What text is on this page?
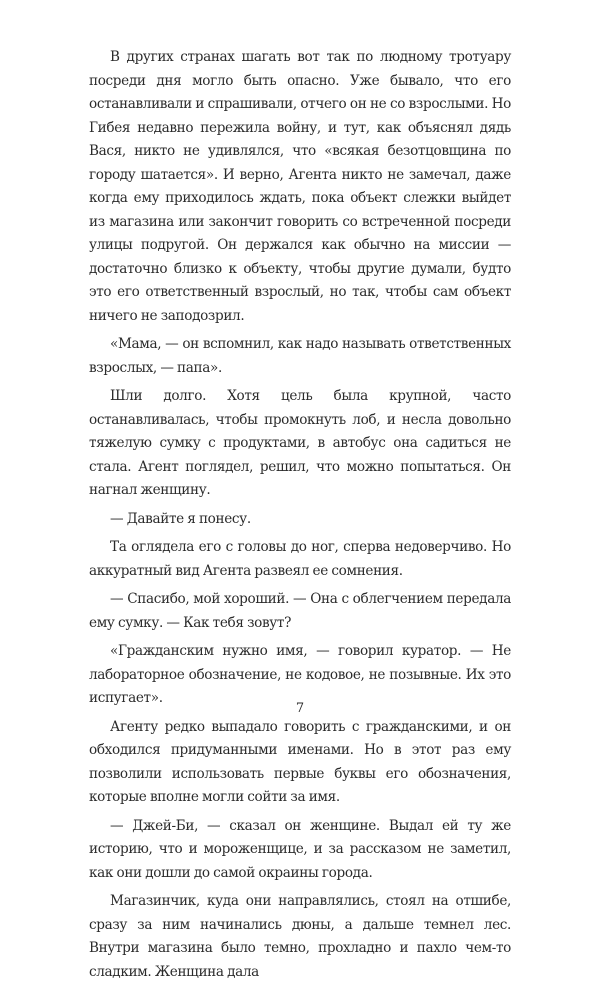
В других странах шагать вот так по людному тротуару посреди дня могло быть опасно. Уже бывало, что его останавливали и спрашивали, отчего он не со взрослыми. Но Гибея недавно пережила войну, и тут, как объяснял дядь Вася, никто не удивлялся, что «всякая безотцовщина по городу шатается». И верно, Агента никто не замечал, даже когда ему приходилось ждать, пока объект слежки выйдет из магазина или закончит говорить со встреченной посреди улицы подругой. Он держался как обычно на миссии — достаточно близко к объекту, чтобы другие думали, будто это его ответственный взрослый, но так, чтобы сам объект ничего не заподозрил.

«Мама, — он вспомнил, как надо называть ответственных взрослых, — папа».

Шли долго. Хотя цель была крупной, часто останавливалась, чтобы промокнуть лоб, и несла довольно тяжелую сумку с продуктами, в автобус она садиться не стала. Агент поглядел, решил, что можно попытаться. Он нагнал женщину.

— Давайте я понесу.

Та оглядела его с головы до ног, сперва недоверчиво. Но аккуратный вид Агента развеял ее сомнения.

— Спасибо, мой хороший. — Она с облегчением передала ему сумку. — Как тебя зовут?

«Гражданским нужно имя, — говорил куратор. — Не лабораторное обозначение, не кодовое, не позывные. Их это испугает».

Агенту редко выпадало говорить с гражданскими, и он обходился придуманными именами. Но в этот раз ему позволили использовать первые буквы его обозначения, которые вполне могли сойти за имя.

— Джей-Би, — сказал он женщине. Выдал ей ту же историю, что и мороженщице, и за рассказом не заметил, как они дошли до самой окраины города.

Магазинчик, куда они направлялись, стоял на отшибе, сразу за ним начинались дюны, а дальше темнел лес. Внутри магазина было темно, прохладно и пахло чем-то сладким. Женщина дала

7
